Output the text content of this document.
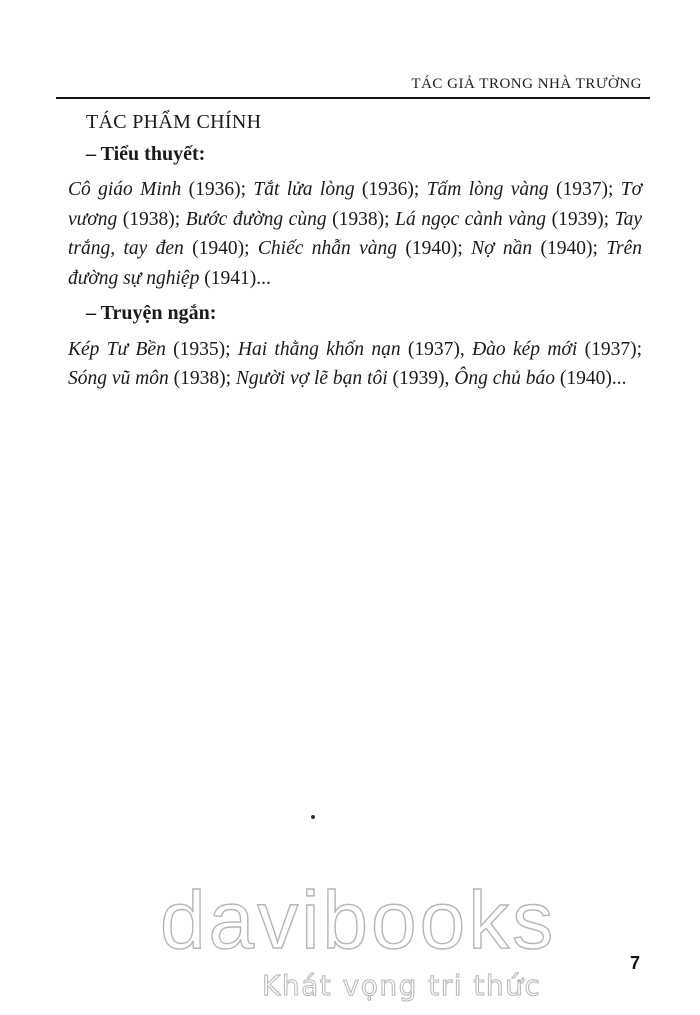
TÁC GIẢ TRONG NHÀ TRƯỜNG
TÁC PHẨM CHÍNH
– Tiểu thuyết:

Cô giáo Minh (1936); Tắt lửa lòng (1936); Tấm lòng vàng (1937); Tơ vương (1938); Bước đường cùng (1938); Lá ngọc cành vàng (1939); Tay trắng, tay đen (1940); Chiếc nhẫn vàng (1940); Nợ nần (1940); Trên đường sự nghiệp (1941)...

– Truyện ngắn:

Kép Tư Bền (1935); Hai thằng khốn nạn (1937), Đào kép mới (1937); Sóng vũ môn (1938); Người vợ lẽ bạn tôi (1939), Ông chủ báo (1940)...

7
davibooks
Khát vọng tri thức
